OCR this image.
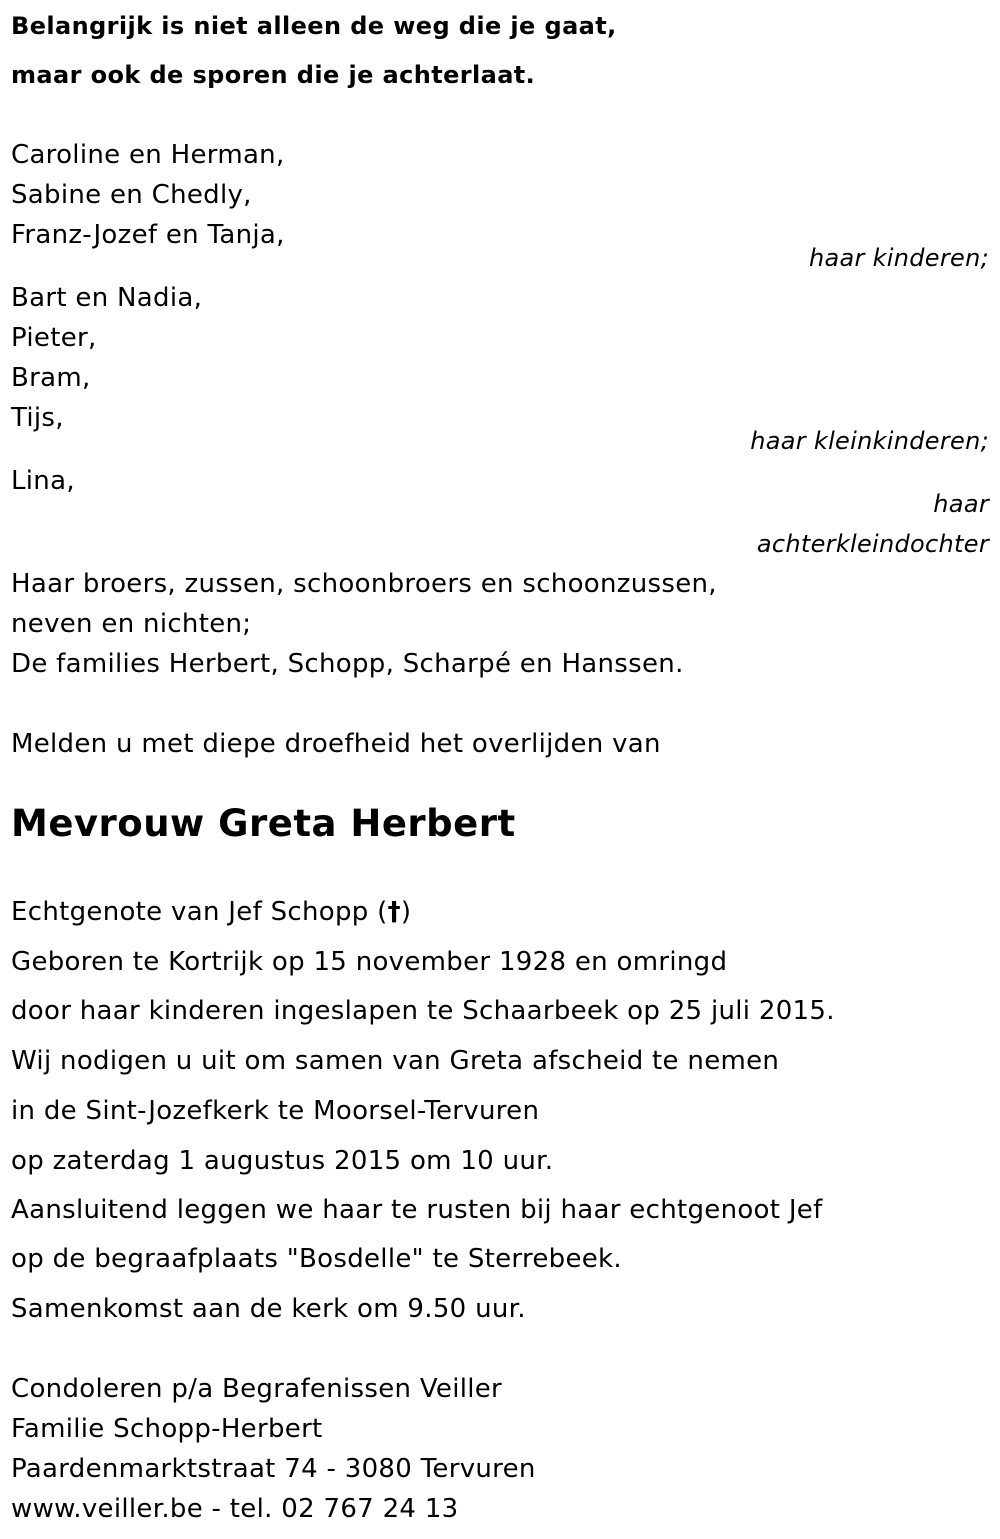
Belangrijk is niet alleen de weg die je gaat,
maar ook de sporen die je achterlaat.
Caroline en Herman,
Sabine en Chedly,
Franz-Jozef en Tanja,
haar kinderen;
Bart en Nadia,
Pieter,
Bram,
Tijs,
haar kleinkinderen;
Lina,
haar
achterkleindochter
Haar broers, zussen, schoonbroers en schoonzussen,
neven en nichten;
De families Herbert, Schopp, Scharpé en Hanssen.
Melden u met diepe droefheid het overlijden van
Mevrouw Greta Herbert
Echtgenote van Jef Schopp (†)
Geboren te Kortrijk op 15 november 1928 en omringd
door haar kinderen ingeslapen te Schaarbeek op 25 juli 2015.
Wij nodigen u uit om samen van Greta afscheid te nemen
in de Sint-Jozefkerk te Moorsel-Tervuren
op zaterdag 1 augustus 2015 om 10 uur.
Aansluitend leggen we haar te rusten bij haar echtgenoot Jef
op de begraafplaats "Bosdelle" te Sterrebeek.
Samenkomst aan de kerk om 9.50 uur.
Condoleren p/a Begrafenissen Veiller
Familie Schopp-Herbert
Paardenmarktstraat 74 - 3080 Tervuren
www.veiller.be - tel. 02 767 24 13
